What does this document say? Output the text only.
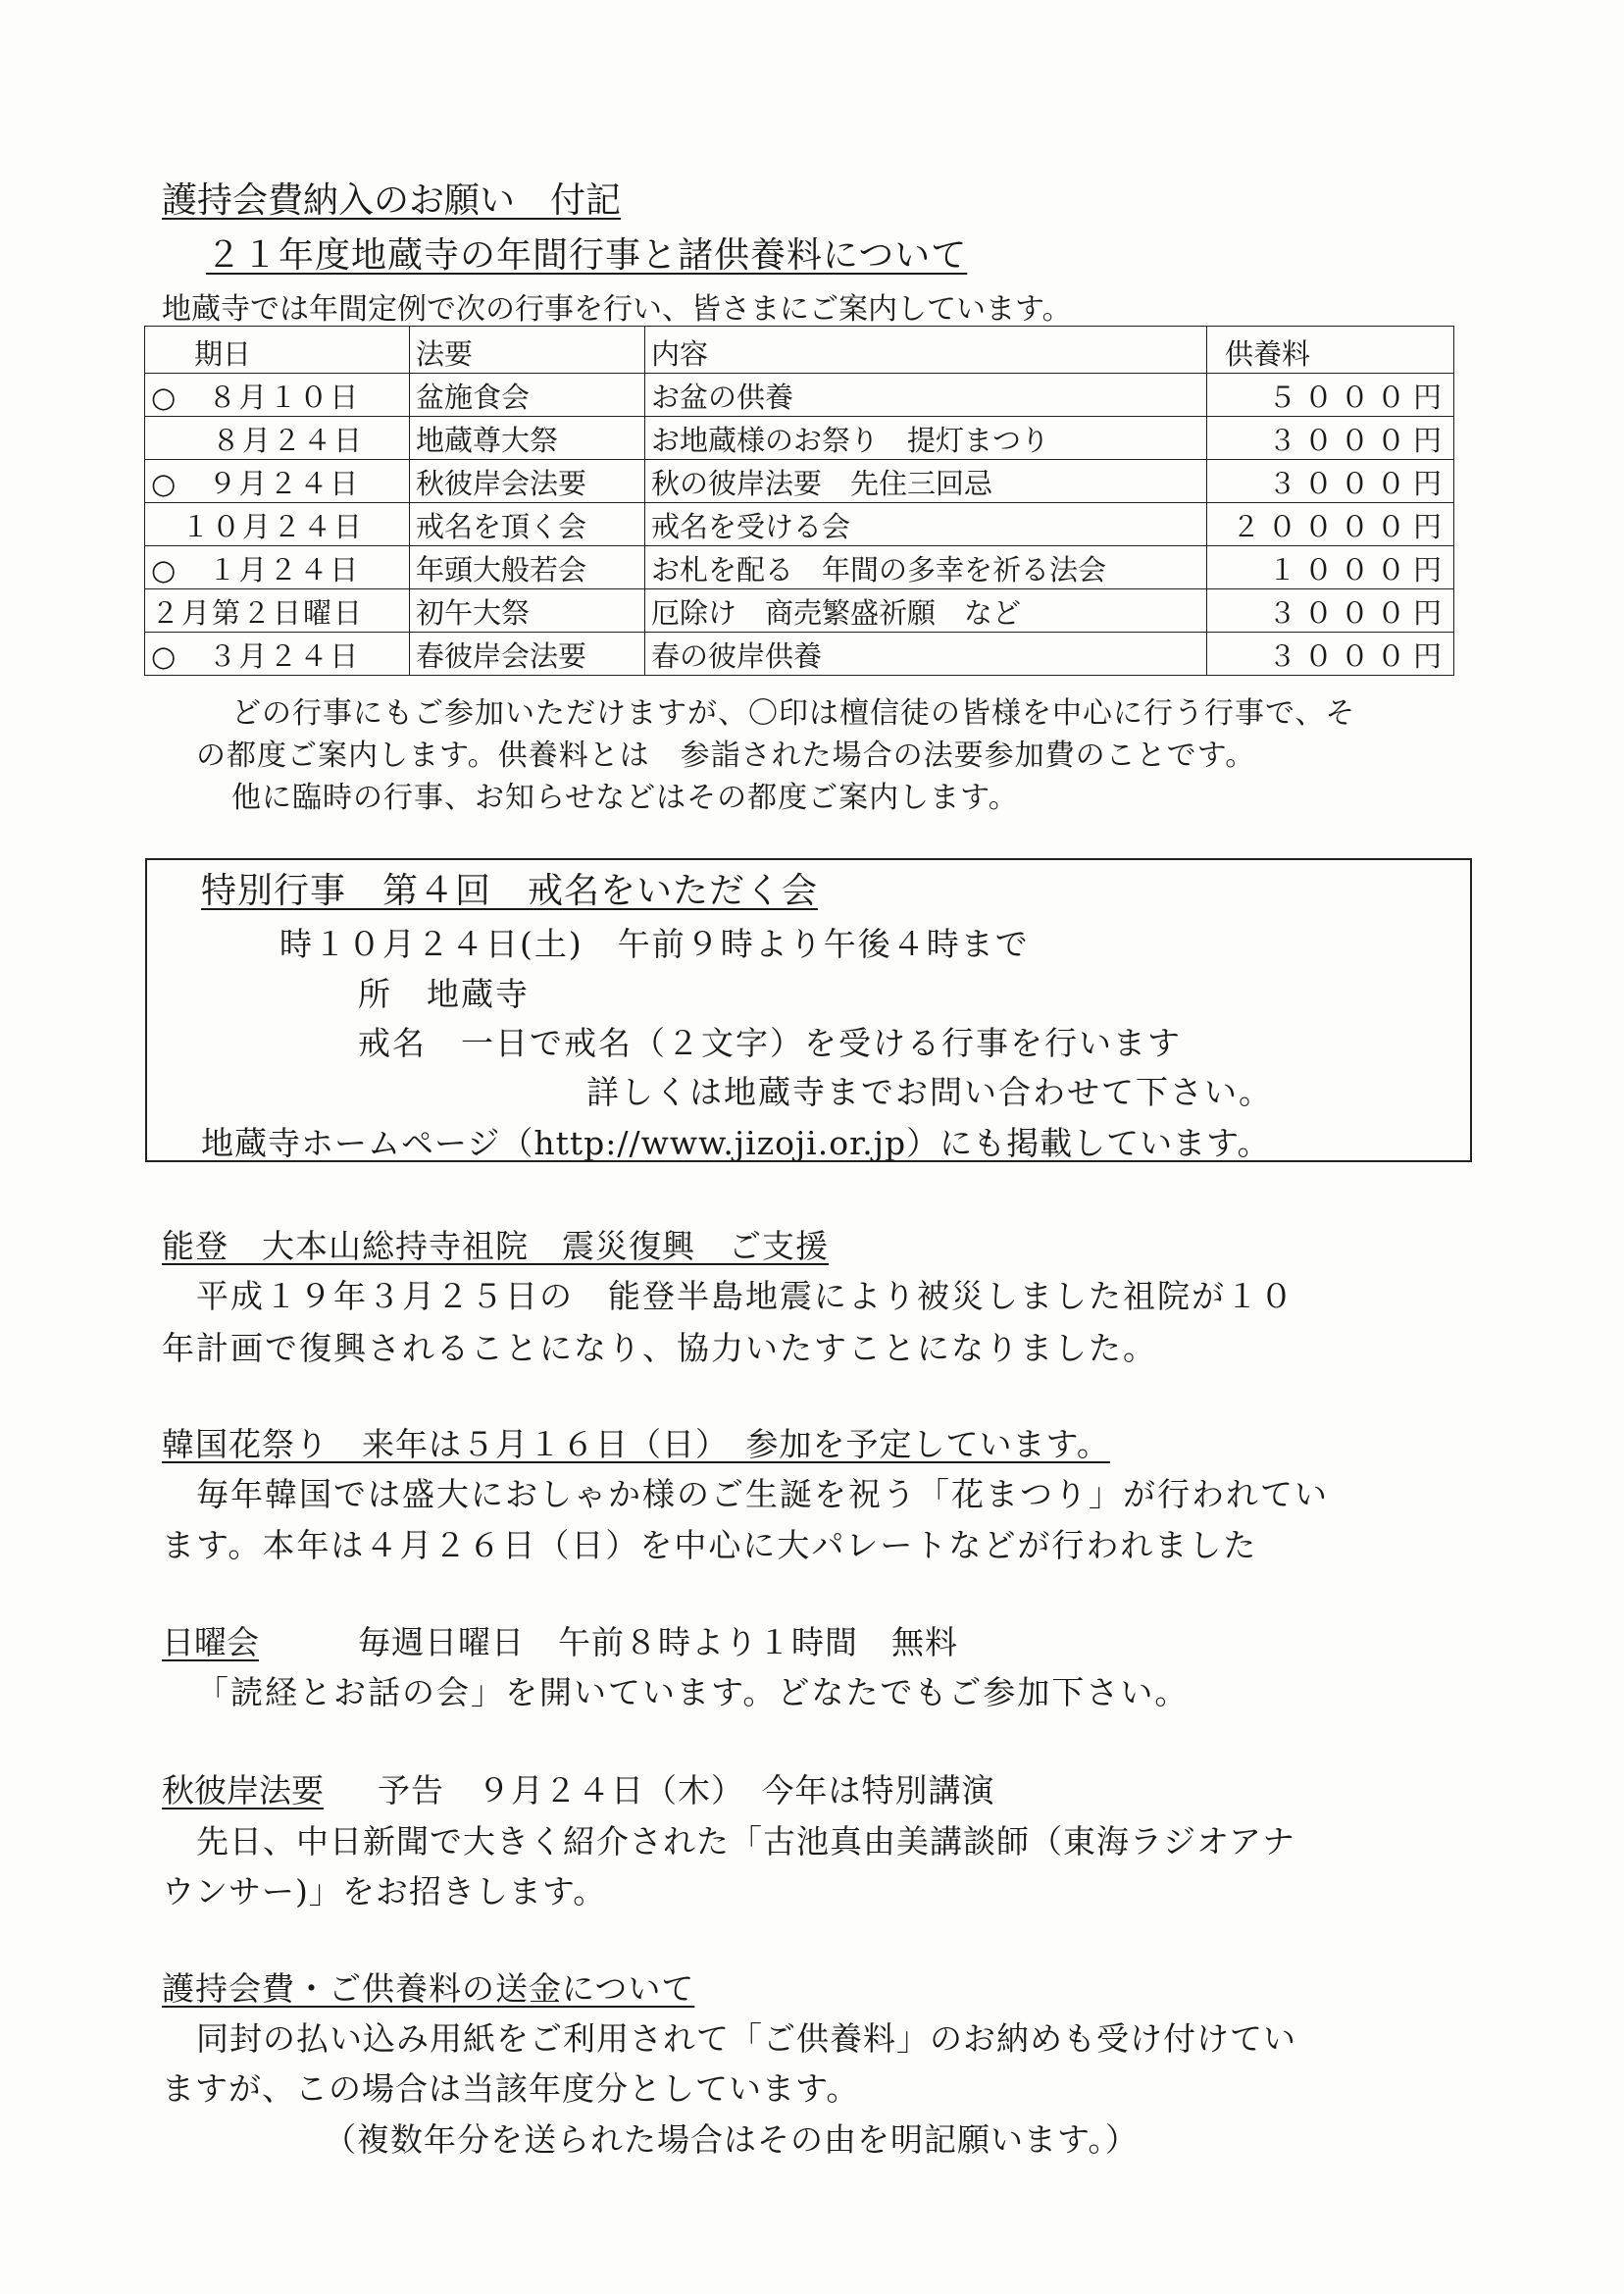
護持会費納入のお願い　付記
２１年度地蔵寺の年間行事と諸供養料について
地蔵寺では年間定例で次の行事を行い、皆さまにご案内しています。
期日	法要	内容	供養料
○　８月１０日	盆施食会	お盆の供養	５０００円
　　８月２４日	地蔵尊大祭	お地蔵様のお祭り　提灯まつり	３０００円
○　９月２４日	秋彼岸会法要	秋の彼岸法要　先住三回忌	３０００円
　１０月２４日	戒名を頂く会	戒名を受ける会	２００００円
○　１月２４日	年頭大般若会	お札を配る　年間の多幸を祈る法会	１０００円
２月第２日曜日	初午大祭	厄除け　商売繁盛祈願　など	３０００円
○　３月２４日	春彼岸会法要	春の彼岸供養	３０００円
どの行事にもご参加いただけますが、〇印は檀信徒の皆様を中心に行う行事で、そ
の都度ご案内します。供養料とは　参詣された場合の法要参加費のことです。
他に臨時の行事、お知らせなどはその都度ご案内します。
特別行事　第４回　戒名をいただく会
時１０月２４日(土)　午前９時より午後４時まで
所　地蔵寺
戒名　一日で戒名（２文字）を受ける行事を行います
詳しくは地蔵寺までお問い合わせて下さい。
地蔵寺ホームページ（http://www.jizoji.or.jp）にも掲載しています。
能登　大本山総持寺祖院　震災復興　ご支援
平成１９年３月２５日の　能登半島地震により被災しました祖院が１０
年計画で復興されることになり、協力いたすことになりました。
韓国花祭り　来年は５月１６日（日）　参加を予定しています。
毎年韓国では盛大におしゃか様のご生誕を祝う「花まつり」が行われてい
ます。本年は４月２６日（日）を中心に大パレートなどが行われました
日曜会	毎週日曜日　午前８時より１時間　無料
「読経とお話の会」を開いています。どなたでもご参加下さい。
秋彼岸法要 予告　９月２４日（木）　今年は特別講演
先日、中日新聞で大きく紹介された「古池真由美講談師（東海ラジオアナ
ウンサー)」をお招きします。
護持会費・ご供養料の送金について
同封の払い込み用紙をご利用されて「ご供養料」のお納めも受け付けてい
ますが、この場合は当該年度分としています。
（複数年分を送られた場合はその由を明記願います。）
